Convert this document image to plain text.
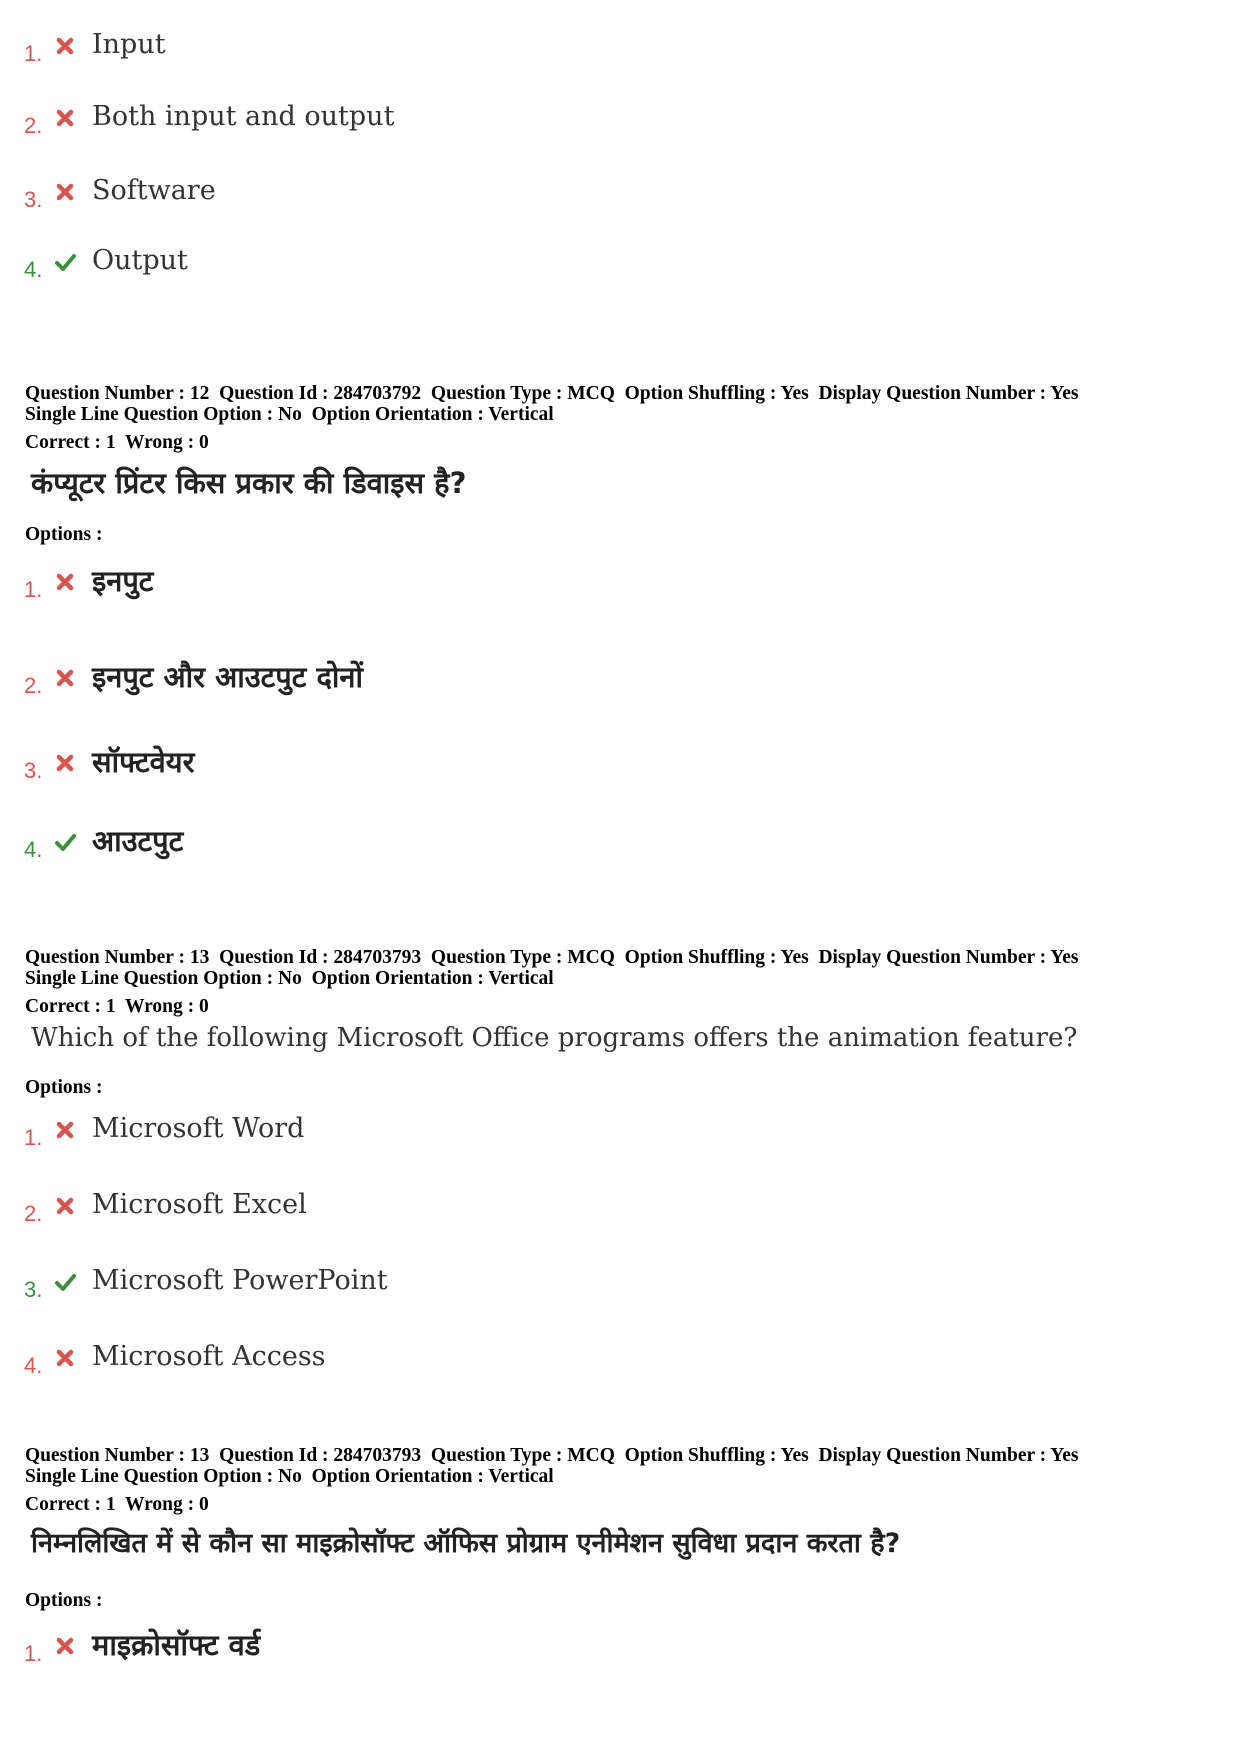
1. Input
2. Both input and output
3. Software
4. Output
Question Number : 12  Question Id : 284703792  Question Type : MCQ  Option Shuffling : Yes  Display Question Number : Yes
Single Line Question Option : No  Option Orientation : Vertical
Correct : 1  Wrong : 0
कंप्यूटर प्रिंटर किस प्रकार की डिवाइस है?
Options :
1. इनपुट
2. इनपुट और आउटपुट दोनों
3. सॉफ्टवेयर
4. आउटपुट
Question Number : 13  Question Id : 284703793  Question Type : MCQ  Option Shuffling : Yes  Display Question Number : Yes
Single Line Question Option : No  Option Orientation : Vertical
Correct : 1  Wrong : 0
Which of the following Microsoft Office programs offers the animation feature?
Options :
1. Microsoft Word
2. Microsoft Excel
3. Microsoft PowerPoint
4. Microsoft Access
Question Number : 13  Question Id : 284703793  Question Type : MCQ  Option Shuffling : Yes  Display Question Number : Yes
Single Line Question Option : No  Option Orientation : Vertical
Correct : 1  Wrong : 0
निम्नलिखित में से कौन सा माइक्रोसॉफ्ट ऑफिस प्रोग्राम एनीमेशन सुविधा प्रदान करता है?
Options :
1. माइक्रोसॉफ्ट वर्ड
